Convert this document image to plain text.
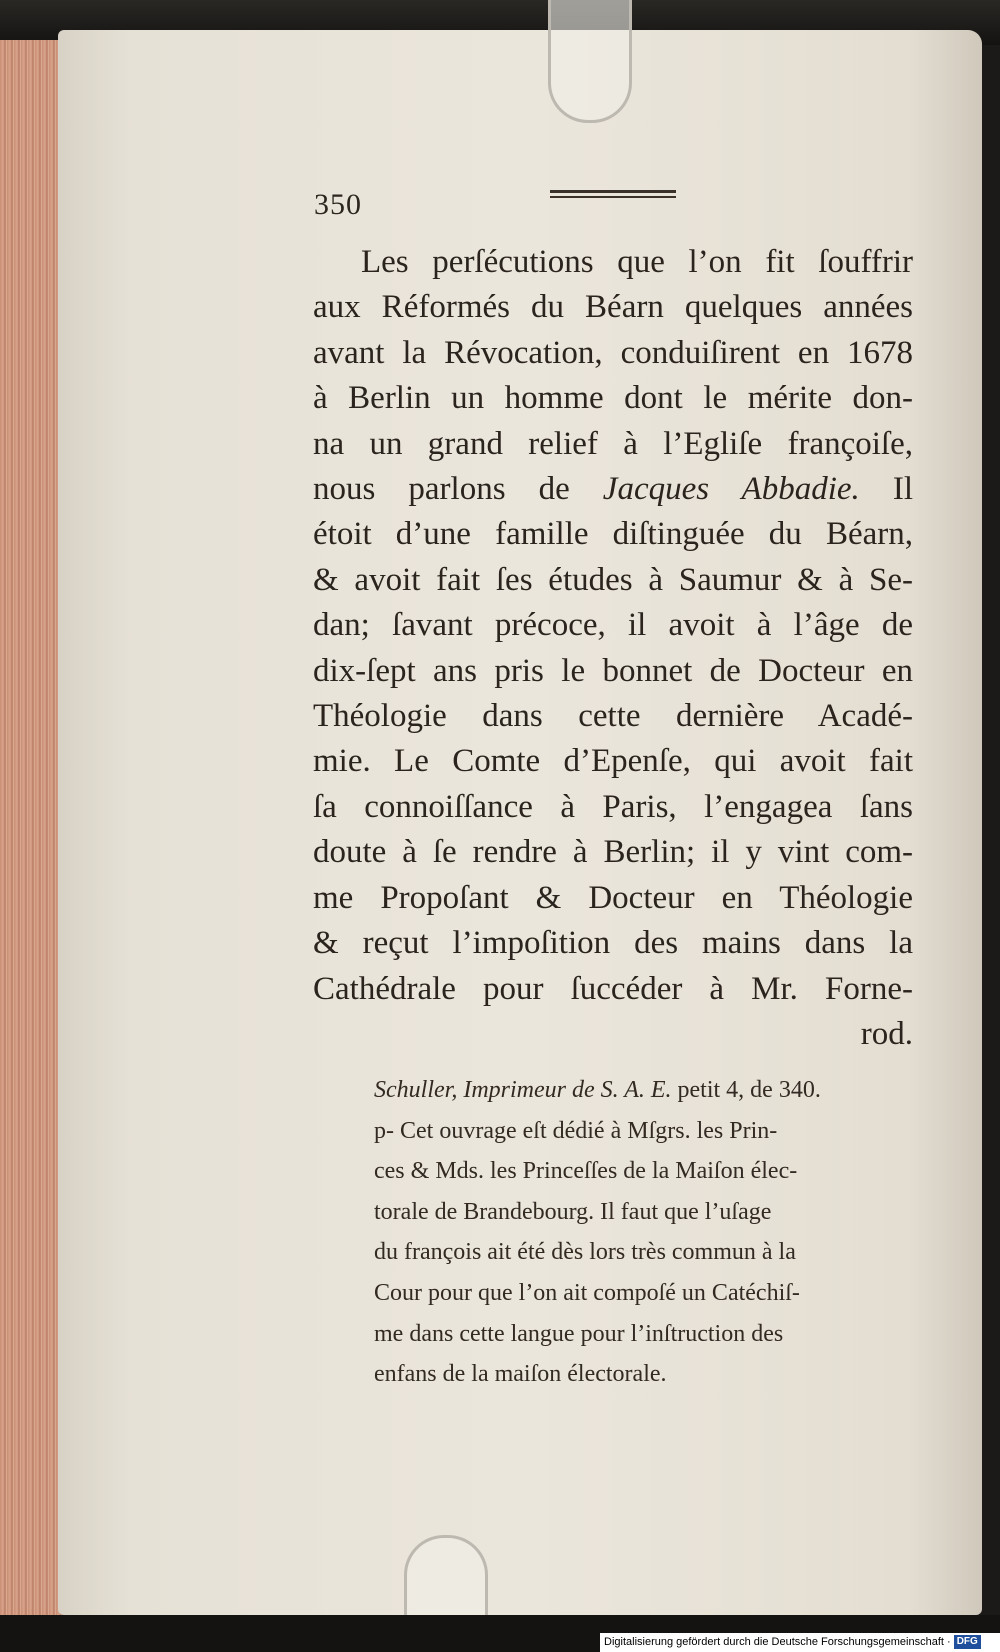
350

Les perſécutions que l’on fit ſouffrir
aux Réformés du Béarn quelques années
avant la Révocation, conduiſirent en 1678
à Berlin un homme dont le mérite don-
na un grand relief à l’Egliſe françoiſe,
nous parlons de Jacques Abbadie. Il
étoit d’une famille diſtinguée du Béarn,
& avoit fait ſes études à Saumur & à Se-
dan; ſavant précoce, il avoit à l’âge de
dix-ſept ans pris le bonnet de Docteur en
Théologie dans cette dernière Acadé-
mie. Le Comte d’Epenſe, qui avoit fait
ſa connoiſſance à Paris, l’engagea ſans
doute à ſe rendre à Berlin; il y vint com-
me Propoſant & Docteur en Théologie
& reçut l’impoſition des mains dans la
Cathédrale pour ſuccéder à Mr. Forne-
rod.

Schuller, Imprimeur de S. A. E. petit 4, de 340.
p- Cet ouvrage eſt dédié à Mſgrs. les Prin-
ces & Mds. les Princeſſes de la Maiſon élec-
torale de Brandebourg. Il faut que l’uſage
du françois ait été dès lors très commun à la
Cour pour que l’on ait compoſé un Catéchiſ-
me dans cette langue pour l’inſtruction des
enfans de la maiſon électorale.

Digitalisierung gefördert durch die Deutsche Forschungsgemeinschaft · DFG
